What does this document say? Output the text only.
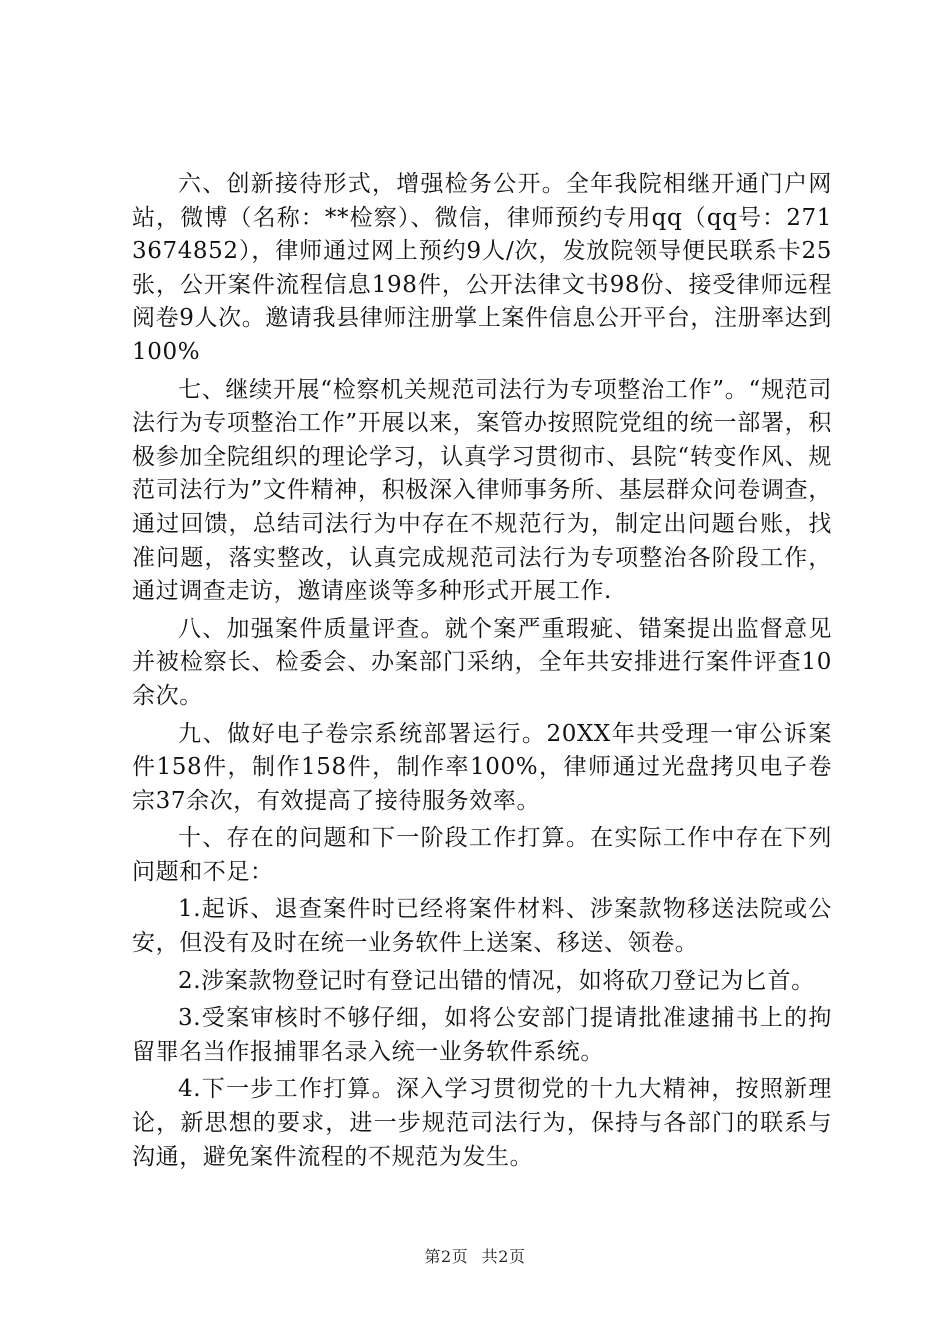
六、创新接待形式，增强检务公开。全年我院相继开通门户网站，微博（名称：**检察）、微信，律师预约专用qq（qq号：2713674852），律师通过网上预约9人/次，发放院领导便民联系卡25张，公开案件流程信息198件，公开法律文书98份、接受律师远程阅卷9人次。邀请我县律师注册掌上案件信息公开平台，注册率达到100%

七、继续开展“检察机关规范司法行为专项整治工作”。“规范司法行为专项整治工作”开展以来，案管办按照院党组的统一部署，积极参加全院组织的理论学习，认真学习贯彻市、县院“转变作风、规范司法行为”文件精神，积极深入律师事务所、基层群众问卷调查，通过回馈，总结司法行为中存在不规范行为，制定出问题台账，找准问题，落实整改，认真完成规范司法行为专项整治各阶段工作，通过调查走访，邀请座谈等多种形式开展工作.

八、加强案件质量评查。就个案严重瑕疵、错案提出监督意见并被检察长、检委会、办案部门采纳，全年共安排进行案件评查10余次。

九、做好电子卷宗系统部署运行。20XX年共受理一审公诉案件158件，制作158件，制作率100%，律师通过光盘拷贝电子卷宗37余次，有效提高了接待服务效率。

十、存在的问题和下一阶段工作打算。在实际工作中存在下列问题和不足：

1.起诉、退查案件时已经将案件材料、涉案款物移送法院或公安，但没有及时在统一业务软件上送案、移送、领卷。

2.涉案款物登记时有登记出错的情况，如将砍刀登记为匕首。

3.受案审核时不够仔细，如将公安部门提请批准逮捕书上的拘留罪名当作报捕罪名录入统一业务软件系统。

4.下一步工作打算。深入学习贯彻党的十九大精神，按照新理论，新思想的要求，进一步规范司法行为，保持与各部门的联系与沟通，避免案件流程的不规范为发生。

第2页 共2页
